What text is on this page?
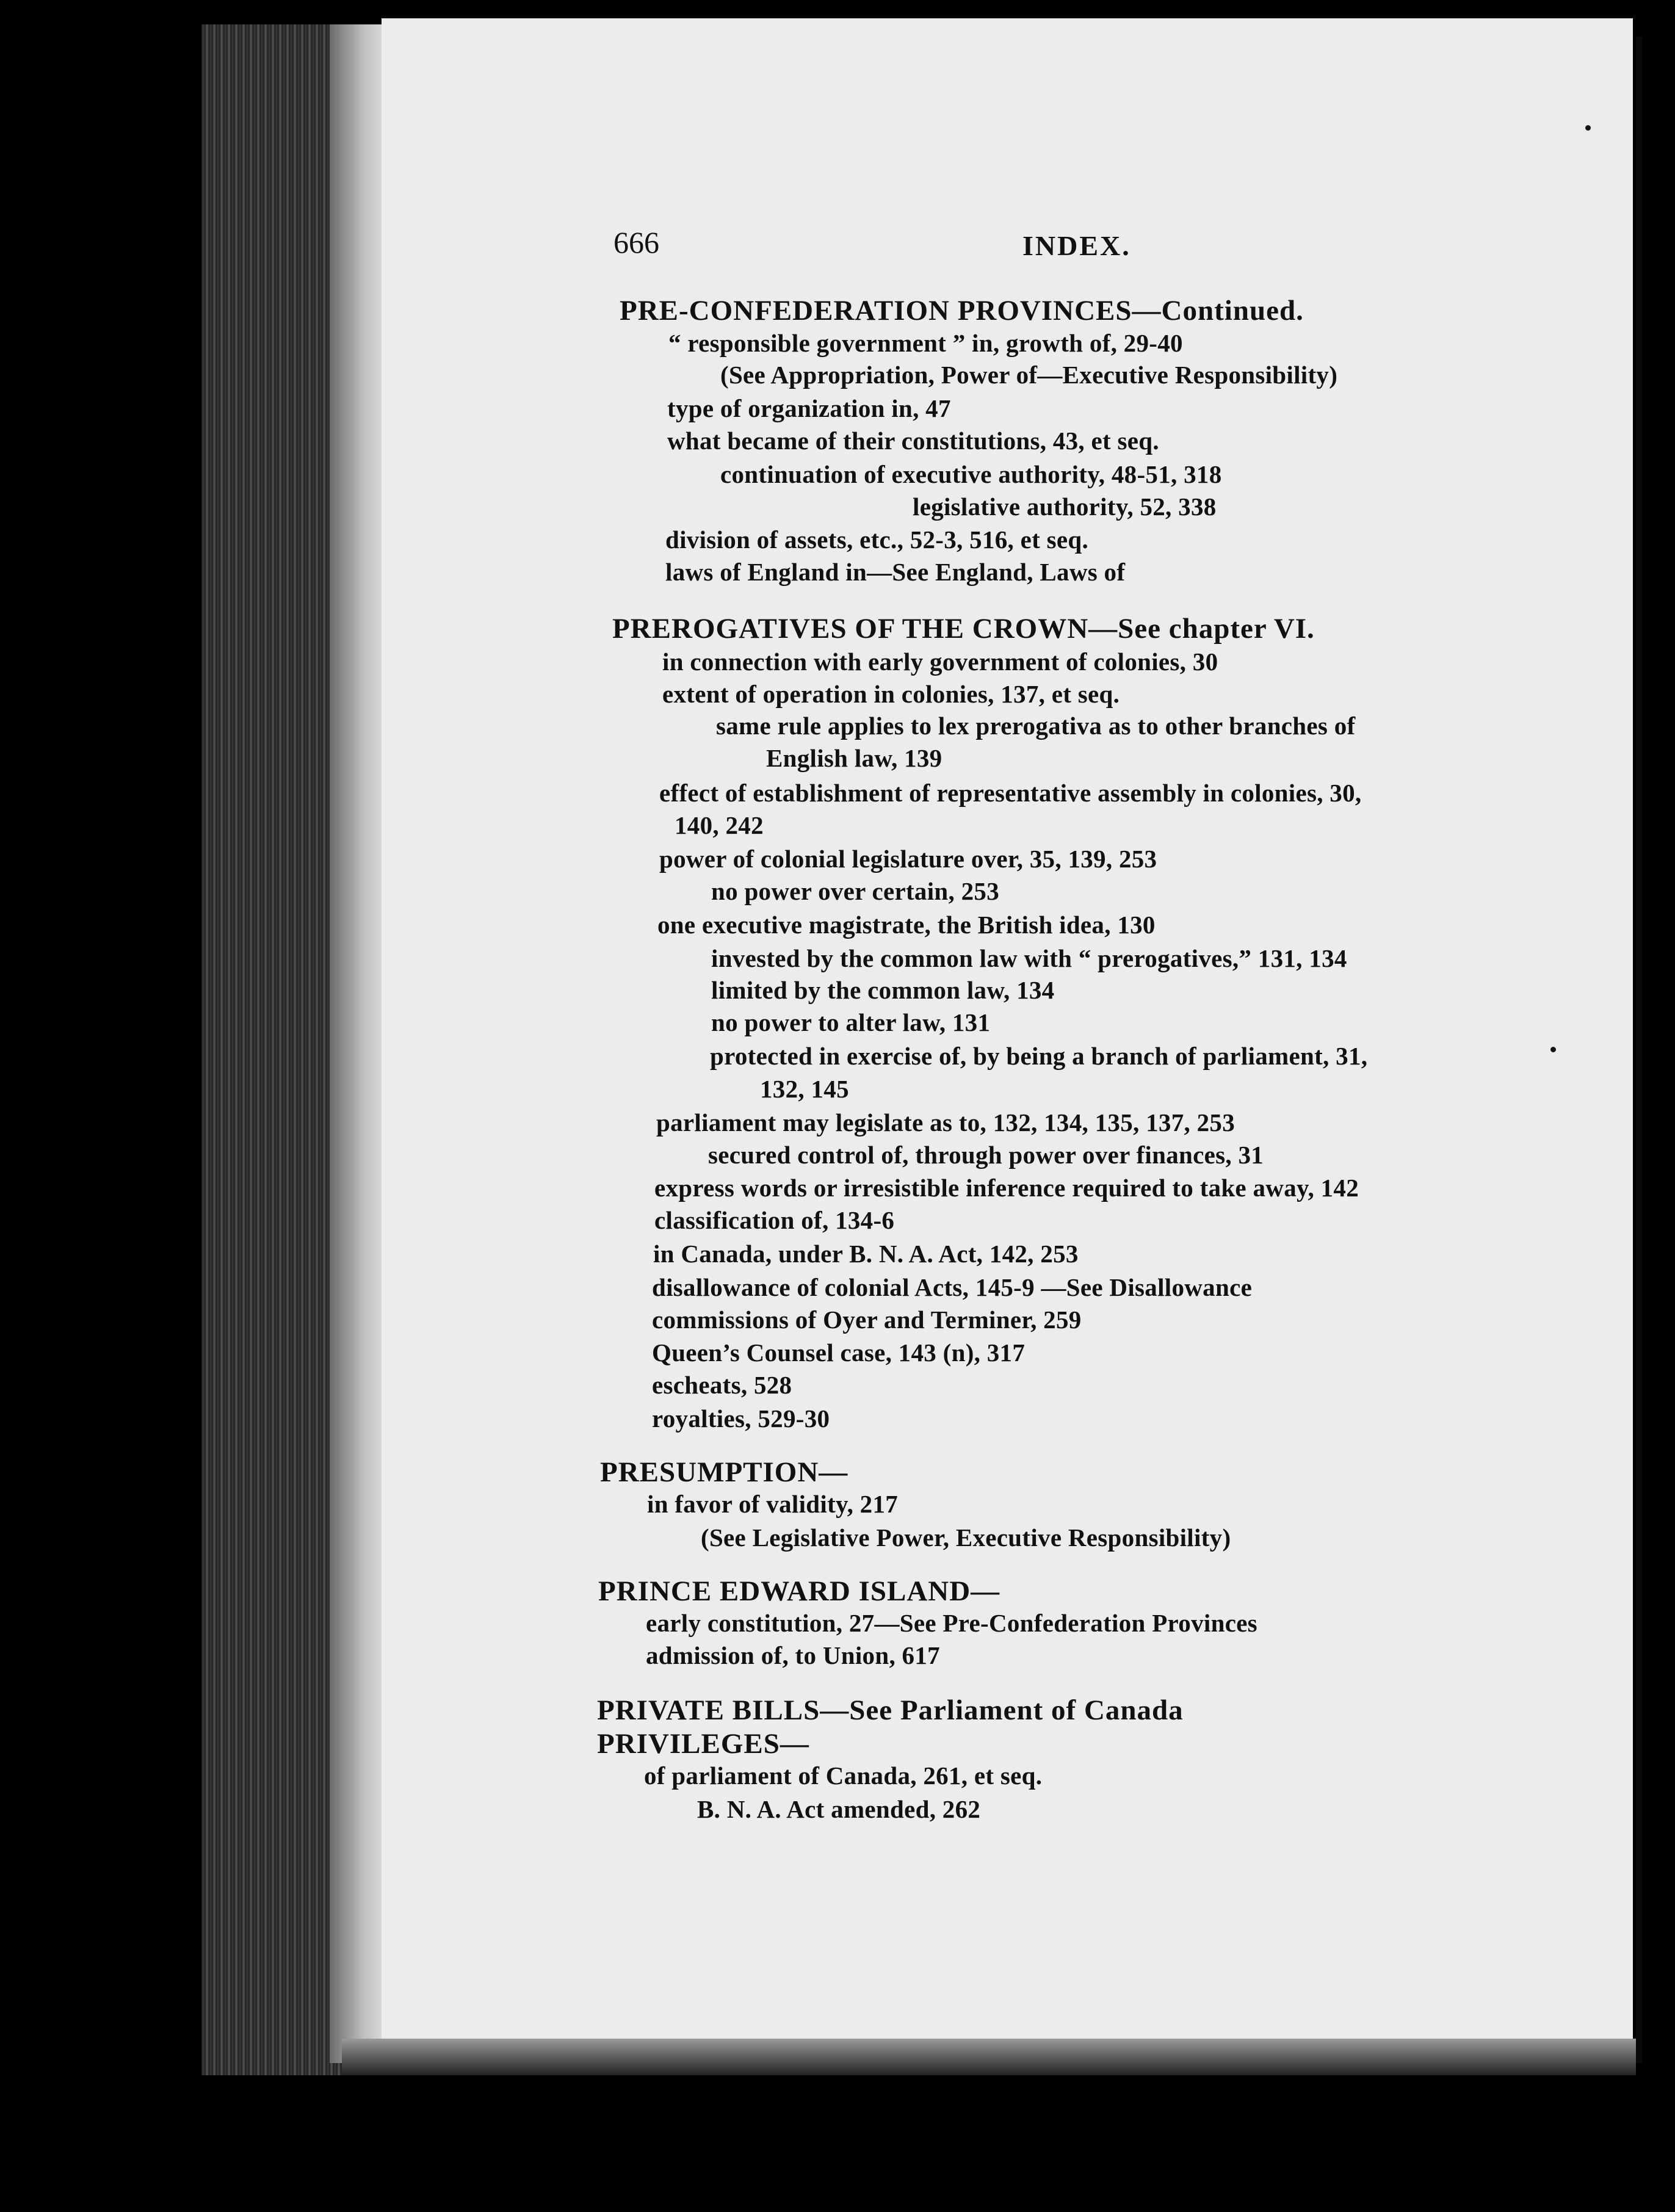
666	INDEX.
PRE-CONFEDERATION PROVINCES—Continued.
“ responsible government ” in, growth of, 29-40
(See Appropriation, Power of—Executive Responsibility)
type of organization in, 47
what became of their constitutions, 43, et seq.
continuation of executive authority, 48-51, 318
legislative authority, 52, 338
division of assets, etc., 52-3, 516, et seq.
laws of England in—See England, Laws of
PREROGATIVES OF THE CROWN—See chapter VI.
in connection with early government of colonies, 30
extent of operation in colonies, 137, et seq.
same rule applies to lex prerogativa as to other branches of
English law, 139
effect of establishment of representative assembly in colonies, 30,
140, 242
power of colonial legislature over, 35, 139, 253
no power over certain, 253
one executive magistrate, the British idea, 130
invested by the common law with “ prerogatives,” 131, 134
limited by the common law, 134
no power to alter law, 131
protected in exercise of, by being a branch of parliament, 31,
132, 145
parliament may legislate as to, 132, 134, 135, 137, 253
secured control of, through power over finances, 31
express words or irresistible inference required to take away, 142
classification of, 134-6
in Canada, under B. N. A. Act, 142, 253
disallowance of colonial Acts, 145-9 —See Disallowance
commissions of Oyer and Terminer, 259
Queen’s Counsel case, 143 (n), 317
escheats, 528
royalties, 529-30
PRESUMPTION—
in favor of validity, 217
(See Legislative Power, Executive Responsibility)
PRINCE EDWARD ISLAND—
early constitution, 27—See Pre-Confederation Provinces
admission of, to Union, 617
PRIVATE BILLS—See Parliament of Canada
PRIVILEGES—
of parliament of Canada, 261, et seq.
B. N. A. Act amended, 262
